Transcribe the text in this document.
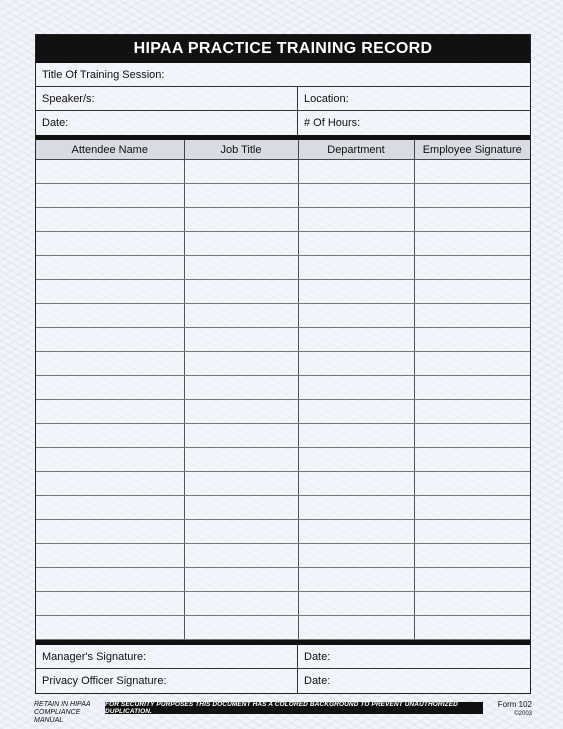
HIPAA PRACTICE TRAINING RECORD
Title Of Training Session:
Speaker/s:	Location:
Date:	# Of Hours:
Attendee Name	Job Title	Department	Employee Signature

Manager's Signature:	Date:
Privacy Officer Signature:	Date:
RETAIN IN HIPAA COMPLIANCE MANUAL
FOR SECURITY PURPOSES THIS DOCUMENT HAS A COLORED BACKGROUND TO PREVENT UNAUTHORIZED DUPLICATION.
Form 102
©2003
